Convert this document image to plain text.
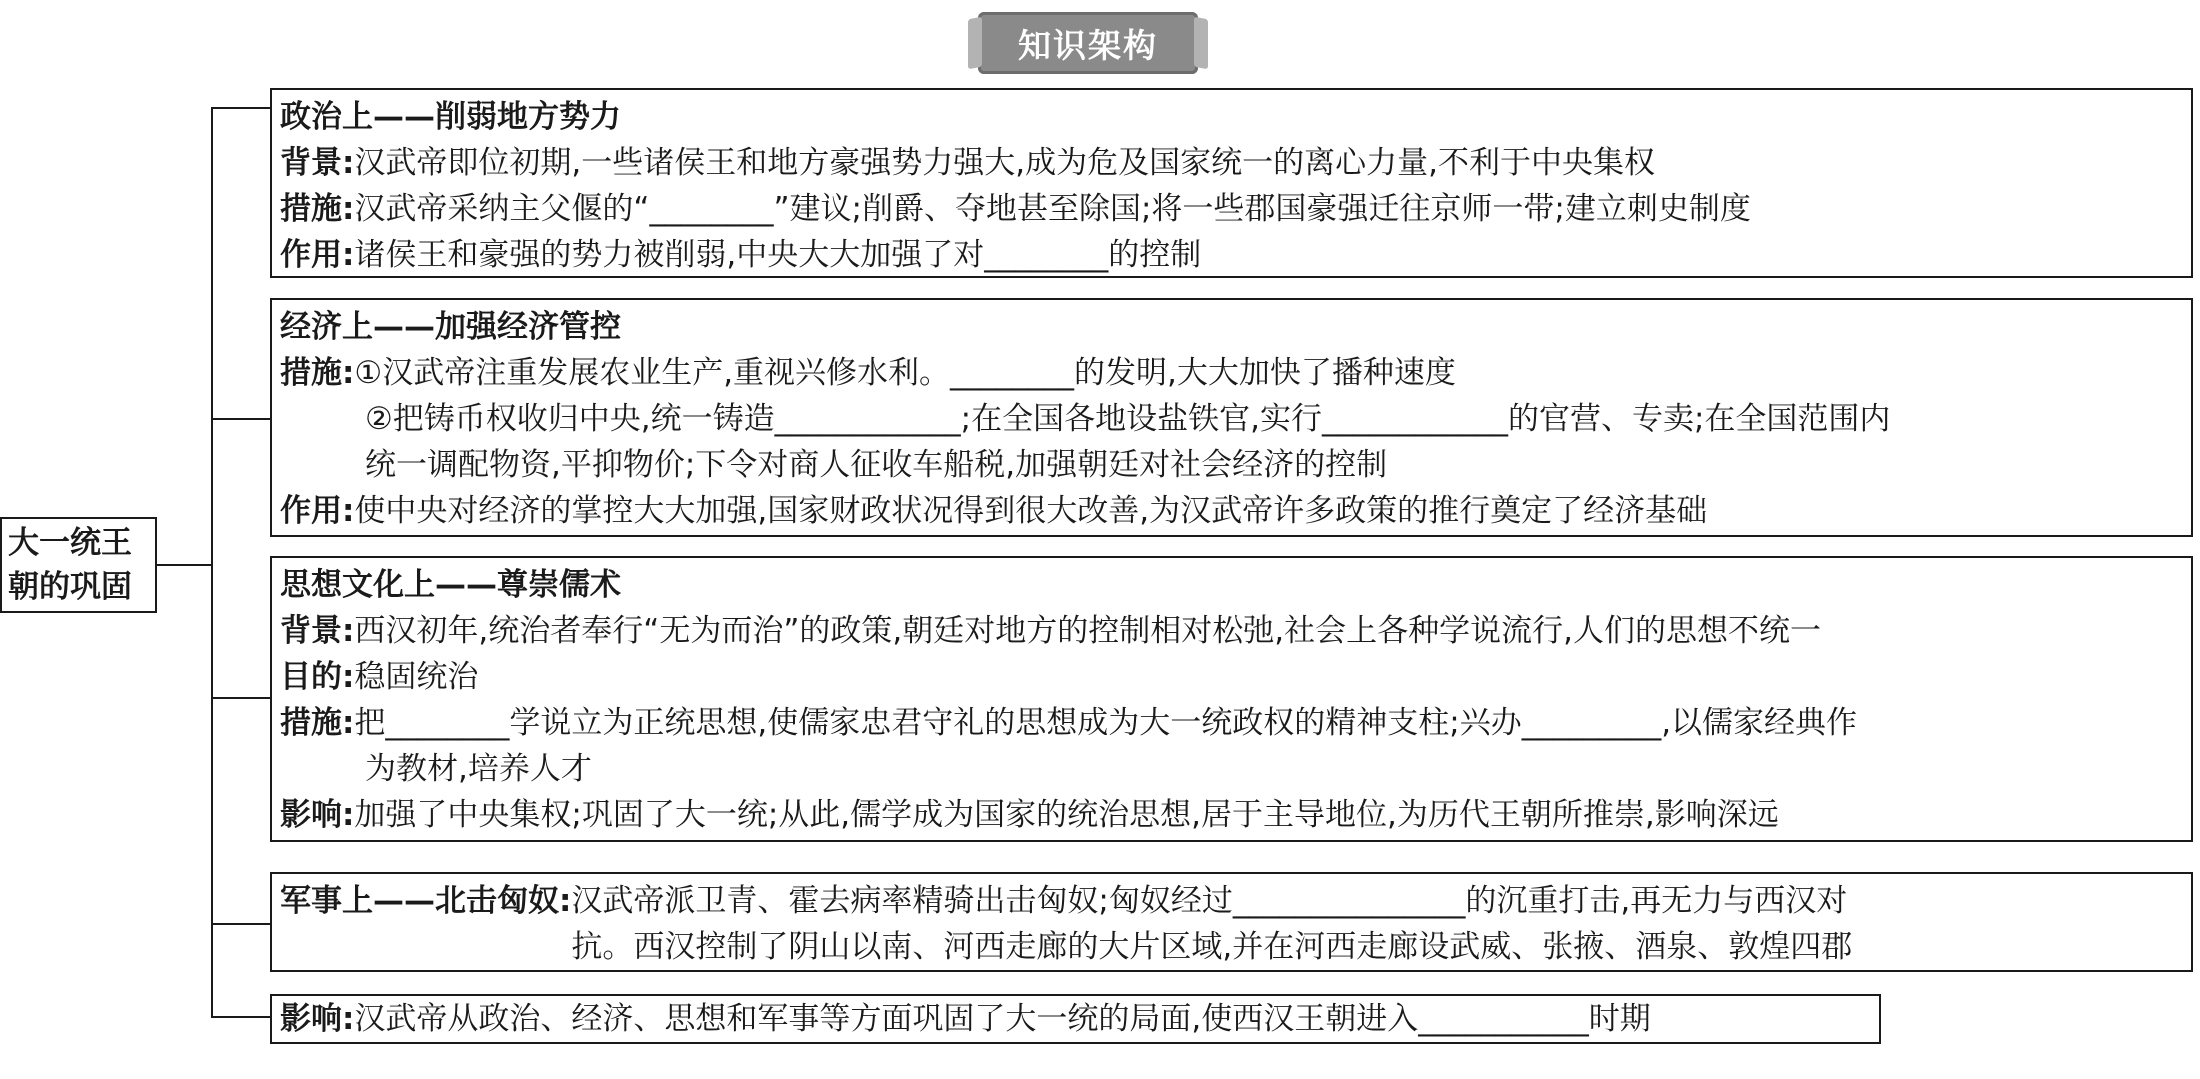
知识架构
大一统王
朝的巩固
政治上——削弱地方势力
背景:汉武帝即位初期,一些诸侯王和地方豪强势力强大,成为危及国家统一的离心力量,不利于中央集权
措施:汉武帝采纳主父偃的“________”建议;削爵、夺地甚至除国;将一些郡国豪强迁往京师一带;建立刺史制度
作用:诸侯王和豪强的势力被削弱,中央大大加强了对________的控制
经济上——加强经济管控
措施:①汉武帝注重发展农业生产,重视兴修水利。________的发明,大大加快了播种速度
②把铸币权收归中央,统一铸造____________;在全国各地设盐铁官,实行____________的官营、专卖;在全国范围内
统一调配物资,平抑物价;下令对商人征收车船税,加强朝廷对社会经济的控制
作用:使中央对经济的掌控大大加强,国家财政状况得到很大改善,为汉武帝许多政策的推行奠定了经济基础
思想文化上——尊崇儒术
背景:西汉初年,统治者奉行“无为而治”的政策,朝廷对地方的控制相对松弛,社会上各种学说流行,人们的思想不统一
目的:稳固统治
措施:把________学说立为正统思想,使儒家忠君守礼的思想成为大一统政权的精神支柱;兴办_________,以儒家经典作
为教材,培养人才
影响:加强了中央集权;巩固了大一统;从此,儒学成为国家的统治思想,居于主导地位,为历代王朝所推崇,影响深远
军事上——北击匈奴: 汉武帝派卫青、霍去病率精骑出击匈奴;匈奴经过_______________的沉重打击,再无力与西汉对
抗。西汉控制了阴山以南、河西走廊的大片区域,并在河西走廊设武威、张掖、酒泉、敦煌四郡
影响:汉武帝从政治、经济、思想和军事等方面巩固了大一统的局面,使西汉王朝进入___________时期
